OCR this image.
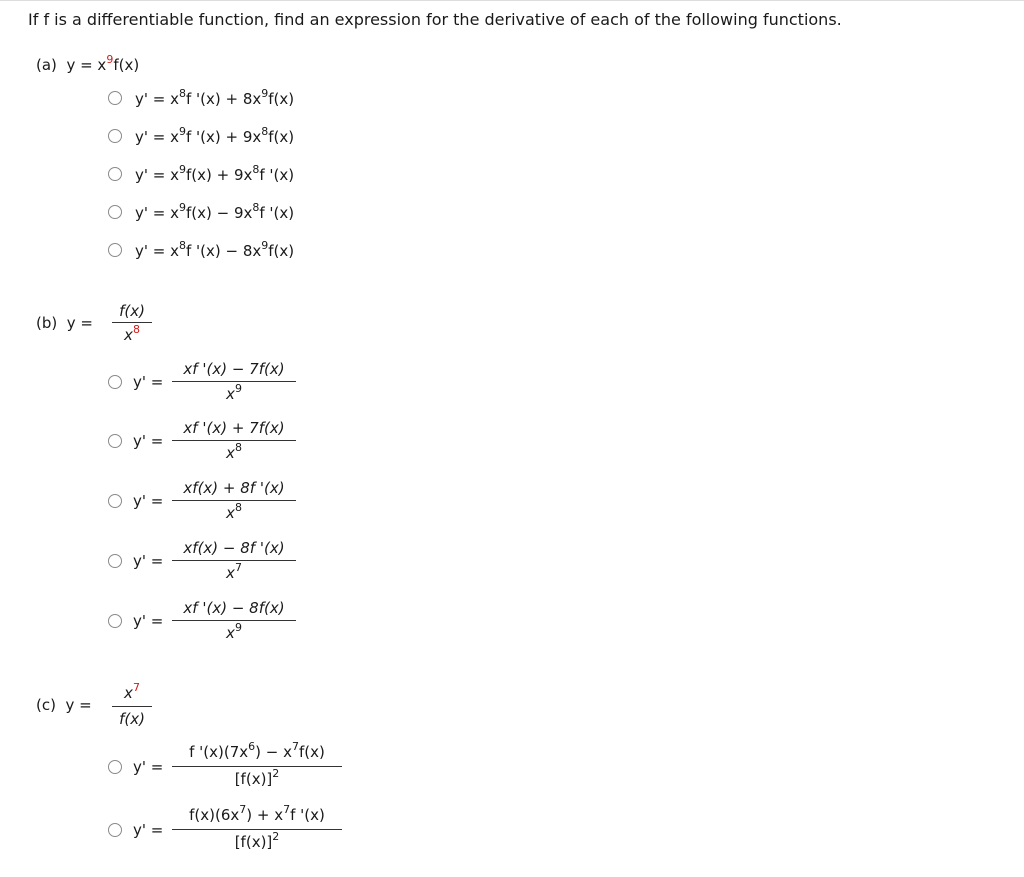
If f is a differentiable function, find an expression for the derivative of each of the following functions.
(a) $y = x^9f(x)$
$y' = x^8f$ '$(x) + 8x^9f(x)$
$y' = x^9f$ '$(x) + 9x^8f(x)$
$y' = x^9f(x) + 9x^8f$ '(x)
$y' = x^9f(x) - 9x^8f$ '(x)
$y' = x^8f$ '$(x) - 8x^9f(x)$
(b) y =
f(x)
$x^8$
y' =
xf '(x) − 7f(x)
$x^9$
y' =
xf '(x) + 7f(x)
$x^8$
y' =
xf(x) + 8f '(x)
$x^8$
y' =
xf(x) − 8f '(x)
$x^7$
y' =
xf '(x) − 8f(x)
$x^9$
(c) y =
$x^7$
f(x)
y' =
f '$(x)(7x^6) - x^7f(x)$
$[f(x)]^2$
y' =
$f(x)(6x^7) + x^7f$ '(x)
$[f(x)]^2$
